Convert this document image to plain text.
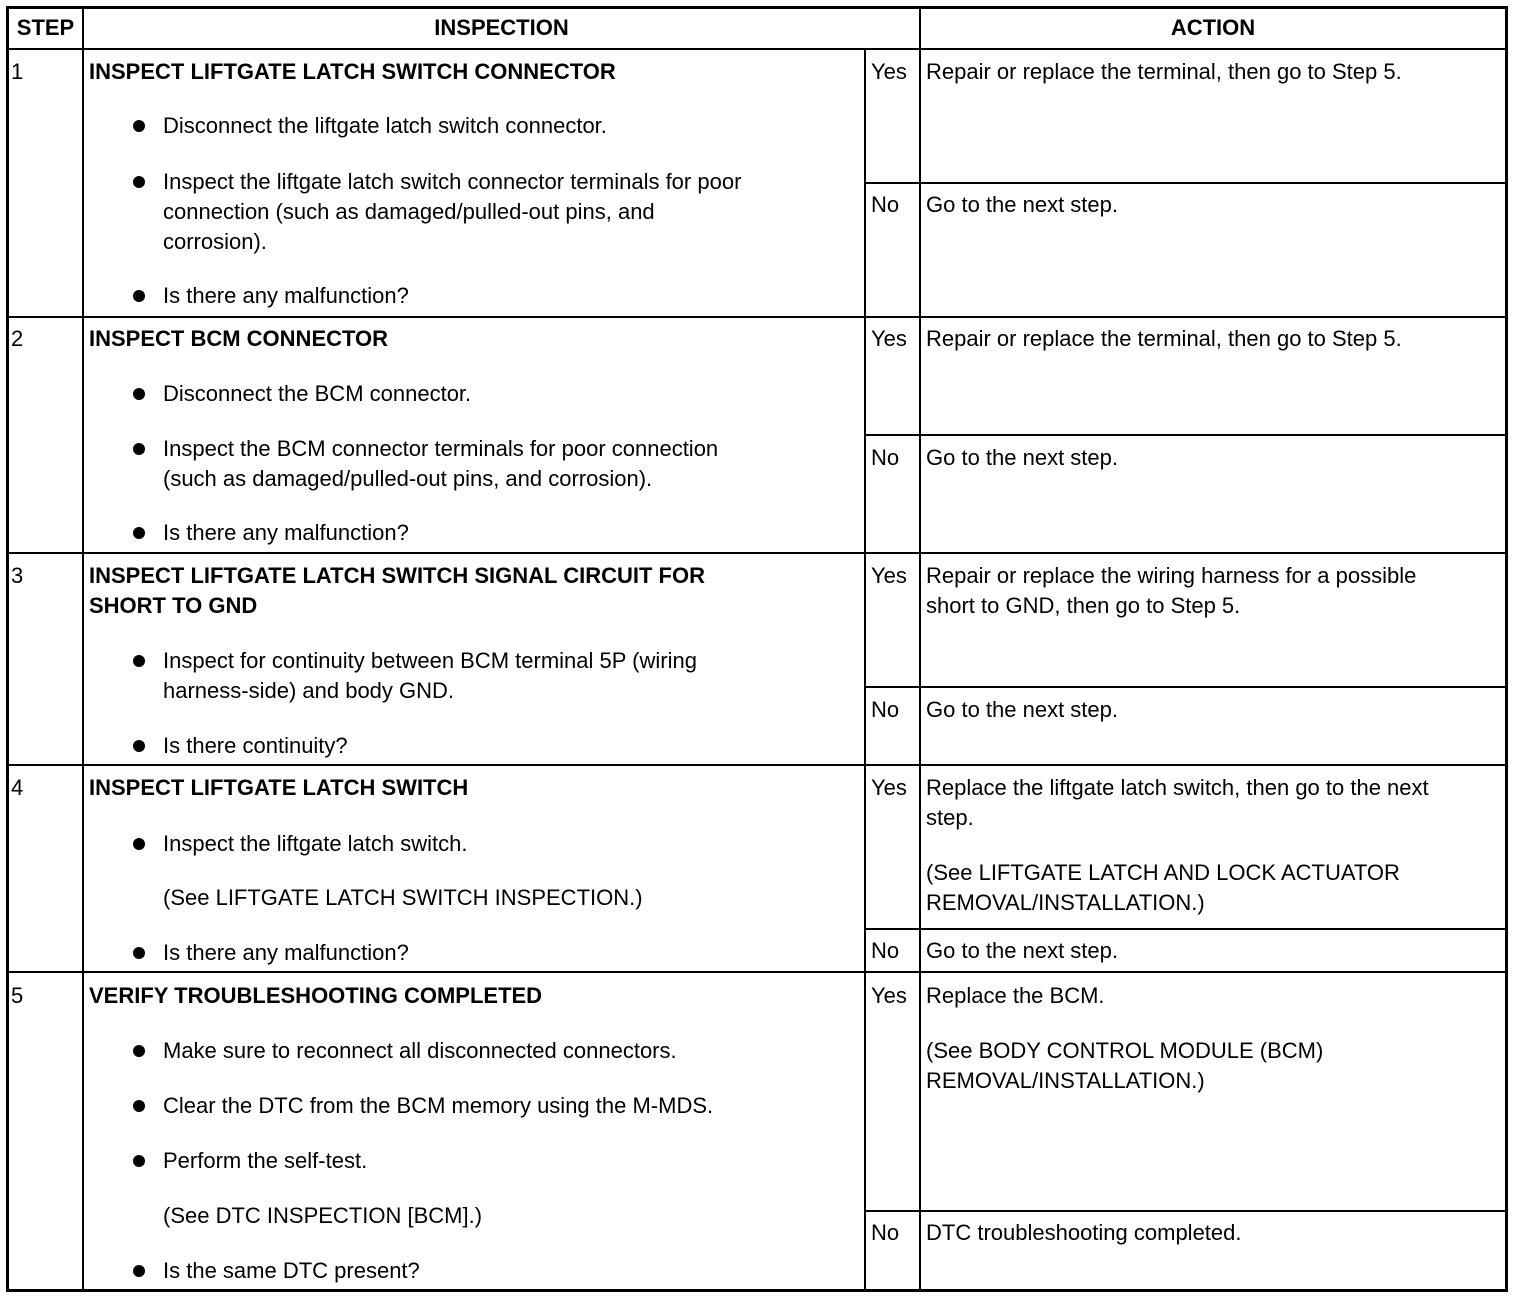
STEP	INSPECTION	ACTION
1	INSPECT LIFTGATE LATCH SWITCH CONNECTOR
Disconnect the liftgate latch switch connector.
Inspect the liftgate latch switch connector terminals for poor
connection (such as damaged/pulled-out pins, and
corrosion).
Is there any malfunction?
Yes Repair or replace the terminal, then go to Step 5.
No Go to the next step.
2	INSPECT BCM CONNECTOR
Disconnect the BCM connector.
Inspect the BCM connector terminals for poor connection
(such as damaged/pulled-out pins, and corrosion).
Is there any malfunction?
Yes Repair or replace the terminal, then go to Step 5.
No Go to the next step.
3	INSPECT LIFTGATE LATCH SWITCH SIGNAL CIRCUIT FOR
SHORT TO GND
Inspect for continuity between BCM terminal 5P (wiring
harness-side) and body GND.
Is there continuity?
Yes Repair or replace the wiring harness for a possible
short to GND, then go to Step 5.
No Go to the next step.
4	INSPECT LIFTGATE LATCH SWITCH
Inspect the liftgate latch switch.
(See LIFTGATE LATCH SWITCH INSPECTION.)
Is there any malfunction?
Yes Replace the liftgate latch switch, then go to the next
step.
(See LIFTGATE LATCH AND LOCK ACTUATOR
REMOVAL/INSTALLATION.)
No Go to the next step.
5	VERIFY TROUBLESHOOTING COMPLETED
Make sure to reconnect all disconnected connectors.
Clear the DTC from the BCM memory using the M-MDS.
Perform the self-test.
(See DTC INSPECTION [BCM].)
Is the same DTC present?
Yes Replace the BCM.
(See BODY CONTROL MODULE (BCM)
REMOVAL/INSTALLATION.)
No DTC troubleshooting completed.
